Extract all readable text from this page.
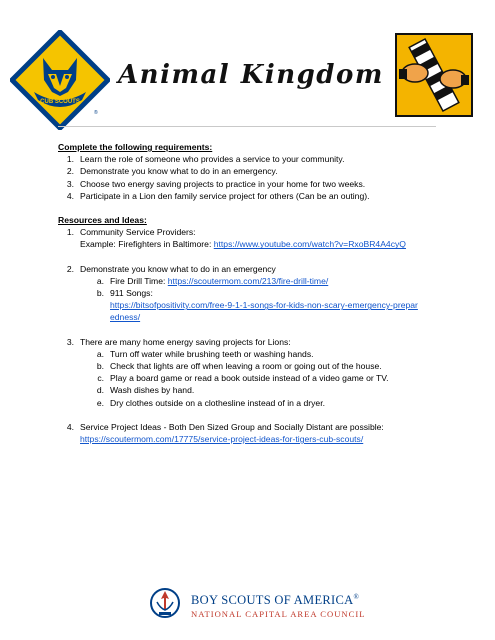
CUB SCOUTS
®
Animal Kingdom
Complete the following requirements:
1. Learn the role of someone who provides a service to your community.
2. Demonstrate you know what to do in an emergency.
3. Choose two energy saving projects to practice in your home for two weeks.
4. Participate in a Lion den family service project for others (Can be an outing).
Resources and Ideas:
1. Community Service Providers:
Example: Firefighters in Baltimore: https://www.youtube.com/watch?v=RxoBR4A4cyQ
2. Demonstrate you know what to do in an emergency
a. Fire Drill Time: https://scoutermom.com/213/fire-drill-time/
b. 911 Songs:
https://bitsofpositivity.com/free-9-1-1-songs-for-kids-non-scary-emergency-prepar
edness/
3. There are many home energy saving projects for Lions:
a. Turn off water while brushing teeth or washing hands.
b. Check that lights are off when leaving a room or going out of the house.
c. Play a board game or read a book outside instead of a video game or TV.
d. Wash dishes by hand.
e. Dry clothes outside on a clothesline instead of in a dryer.
4. Service Project Ideas - Both Den Sized Group and Socially Distant are possible:
https://scoutermom.com/17775/service-project-ideas-for-tigers-cub-scouts/
BOY SCOUTS OF AMERICA®
NATIONAL CAPITAL AREA COUNCIL
